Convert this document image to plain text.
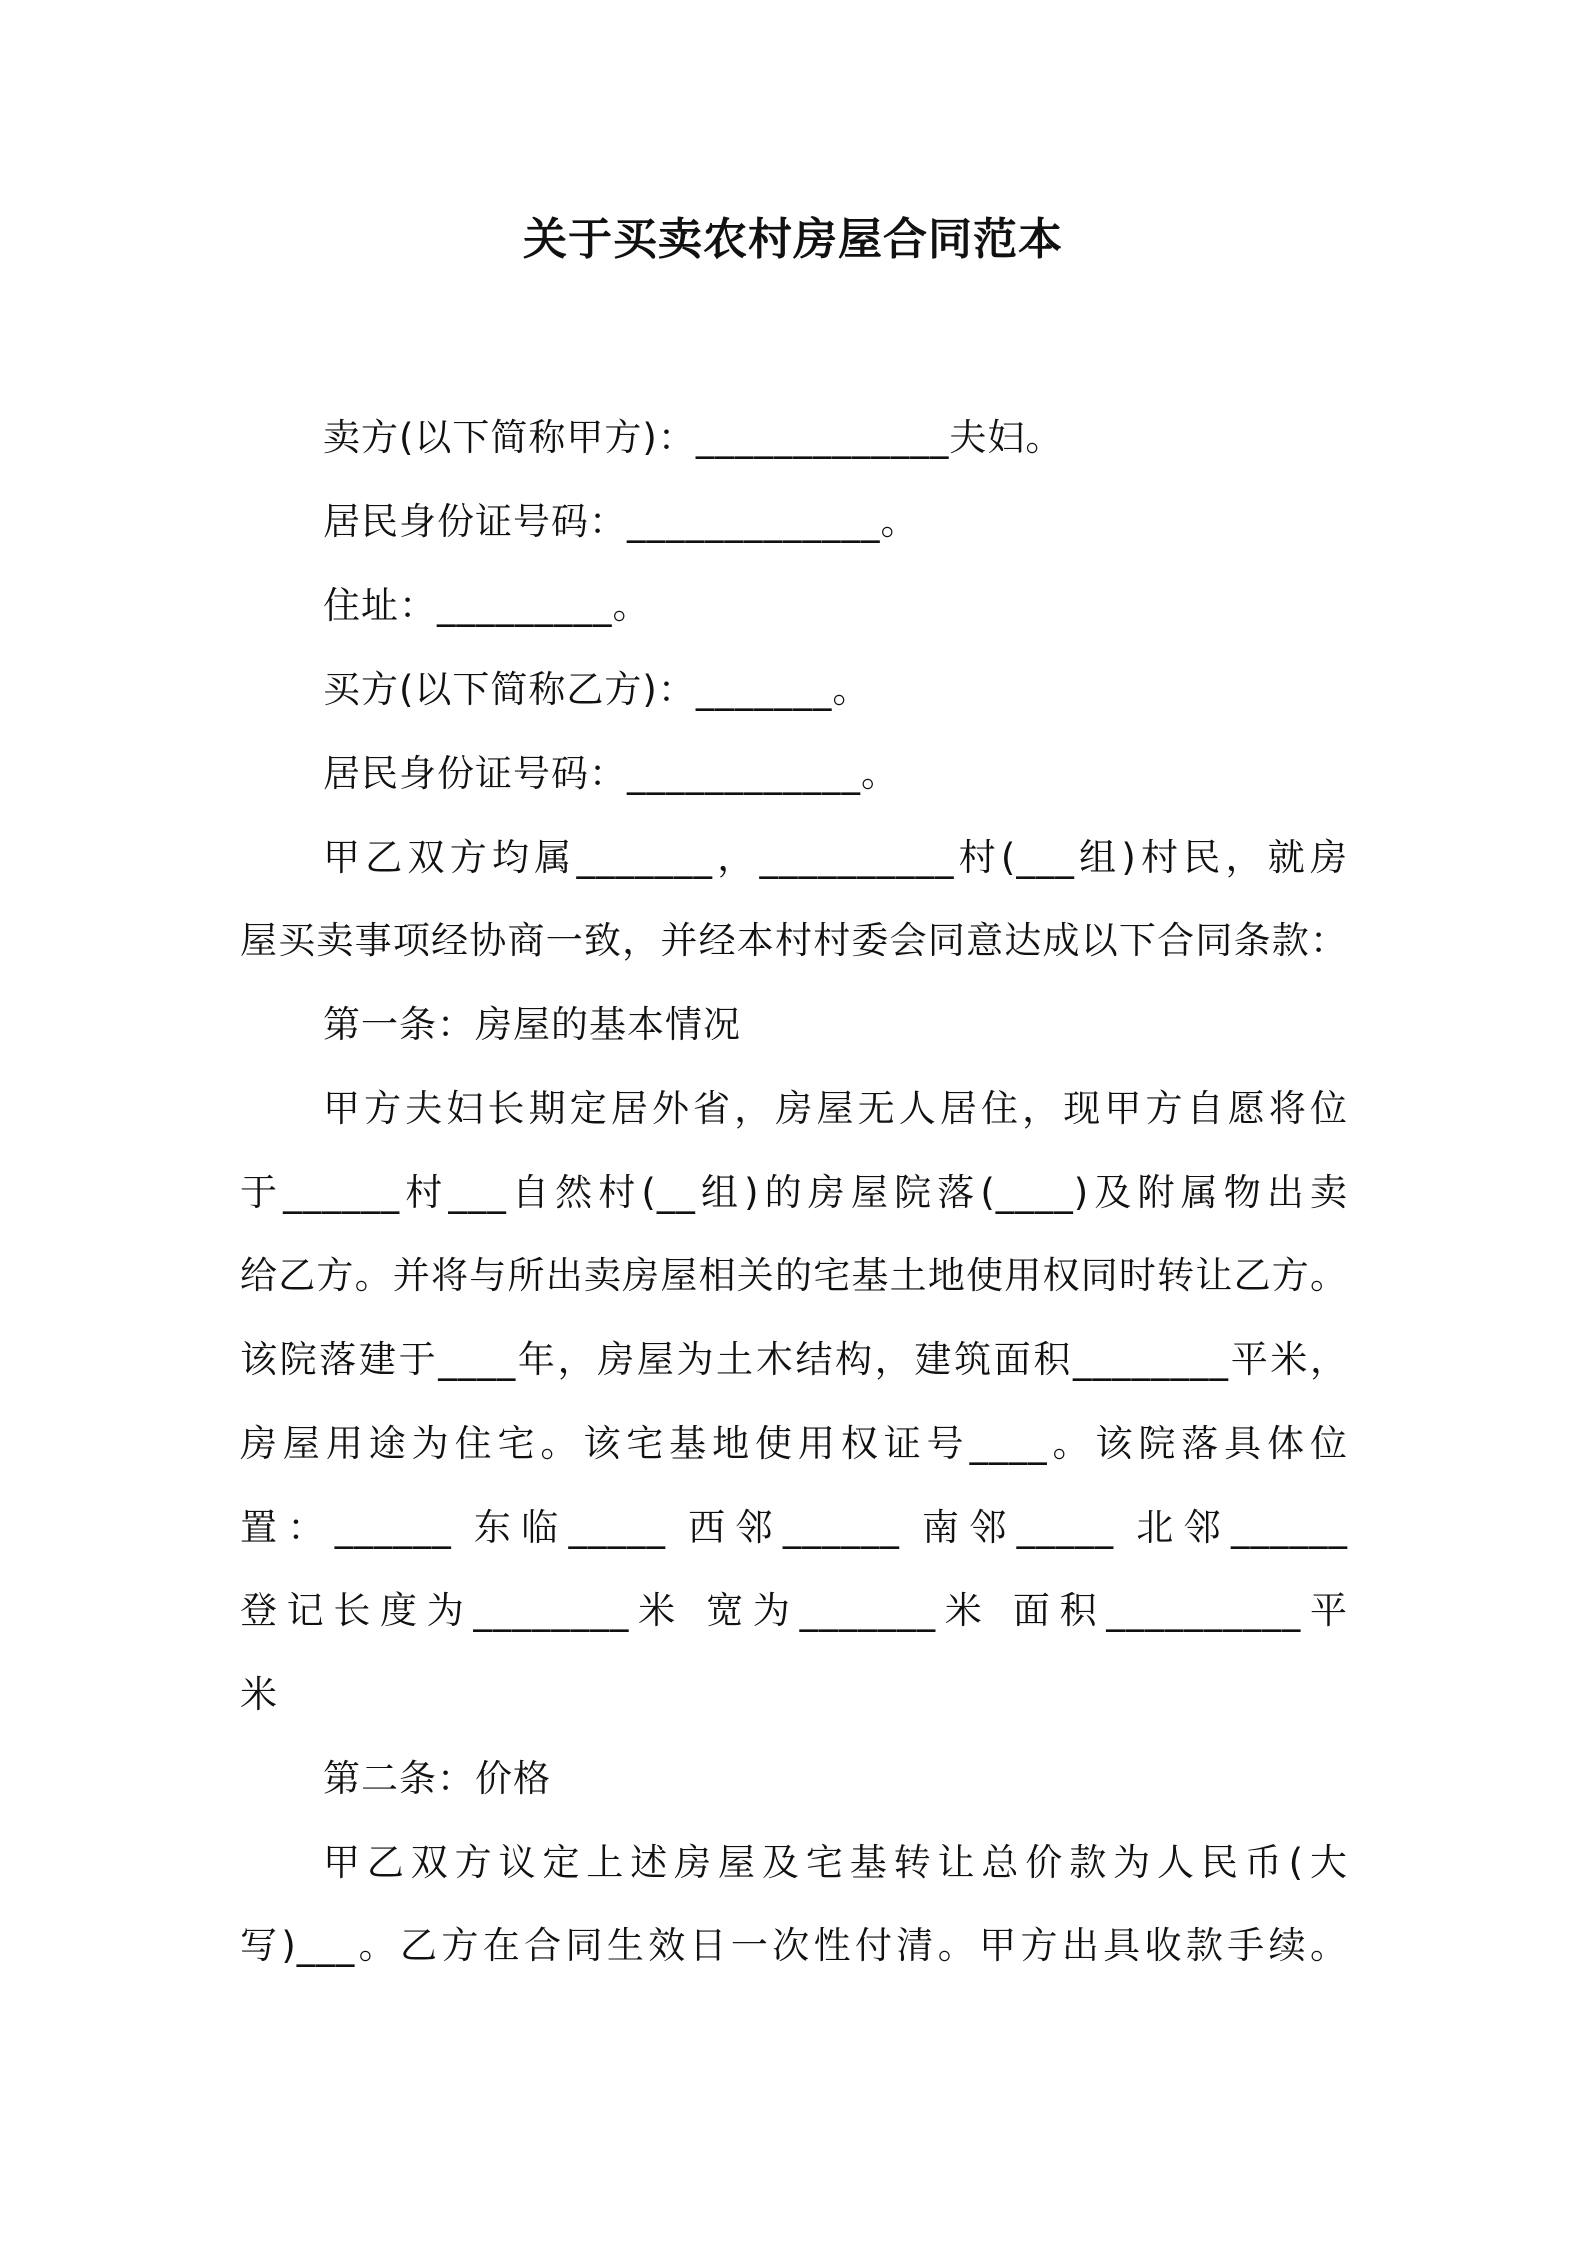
关于买卖农村房屋合同范本

卖方(以下简称甲方)：_____________夫妇。

居民身份证号码：_____________。

住址：_________。

买方(以下简称乙方)：_______。

居民身份证号码：____________。

甲乙双方均属_______，__________村(___组)村民，就房

屋买卖事项经协商一致，并经本村村委会同意达成以下合同条款：

第一条：房屋的基本情况

甲方夫妇长期定居外省，房屋无人居住，现甲方自愿将位

于______村___自然村(__组)的房屋院落(____)及附属物出卖

给乙方。并将与所出卖房屋相关的宅基土地使用权同时转让乙方。

该院落建于____年，房屋为土木结构，建筑面积________平米，

房屋用途为住宅。该宅基地使用权证号____。该院落具体位

置：______ 东临_____ 西邻______ 南邻_____ 北邻______

登记长度为________米 宽为_______米 面积__________平

米

第二条：价格

甲乙双方议定上述房屋及宅基转让总价款为人民币(大

写)___。乙方在合同生效日一次性付清。甲方出具收款手续。
